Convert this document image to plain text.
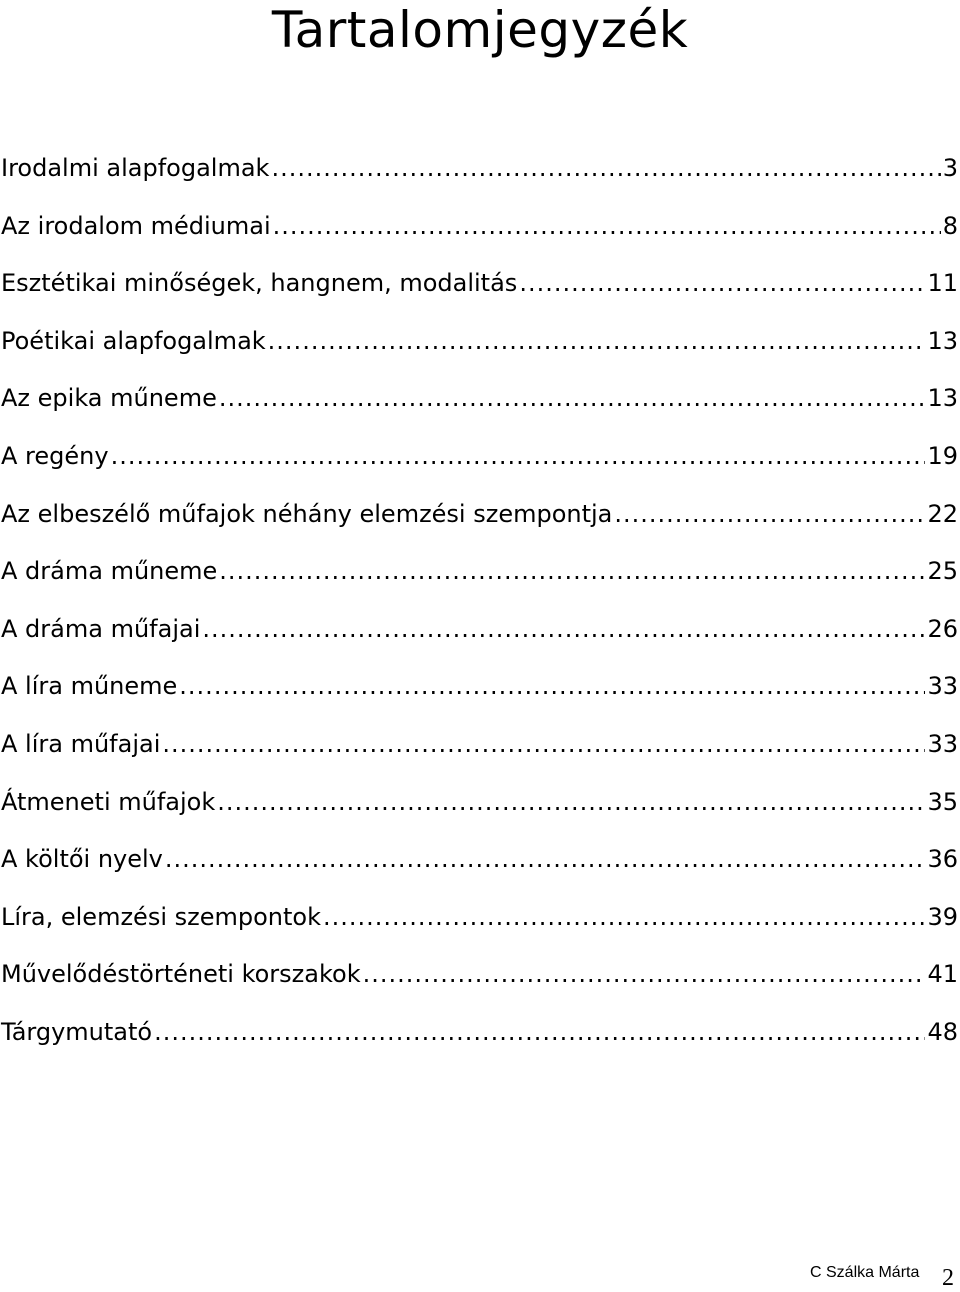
Tartalomjegyzék
Irodalmi alapfogalmak .....	3
Az irodalom médiumai .....	8
Esztétikai minőségek, hangnem, modalitás .....	11
Poétikai alapfogalmak .....	13
Az epika műneme .....	13
A regény .....	19
Az elbeszélő műfajok néhány elemzési szempontja .....	22
A dráma műneme .....	25
A dráma műfajai .....	26
A líra műneme .....	33
A líra műfajai .....	33
Átmeneti műfajok .....	35
A költői nyelv .....	36
Líra, elemzési szempontok .....	39
Művelődéstörténeti korszakok .....	41
Tárgymutató .....	48
C Szálka Márta 2
